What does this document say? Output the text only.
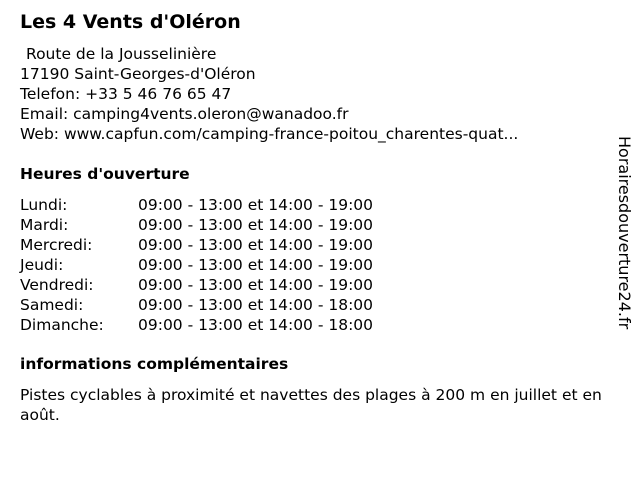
Les 4 Vents d'Oléron
Route de la Jousselinière
17190 Saint-Georges-d'Oléron
Telefon: +33 5 46 76 65 47
Email: camping4vents.oleron@wanadoo.fr
Web: www.capfun.com/camping-france-poitou_charentes-quat...
Heures d'ouverture
Lundi:	09:00 - 13:00 et 14:00 - 19:00
Mardi:	09:00 - 13:00 et 14:00 - 19:00
Mercredi:	09:00 - 13:00 et 14:00 - 19:00
Jeudi:	09:00 - 13:00 et 14:00 - 19:00
Vendredi:	09:00 - 13:00 et 14:00 - 19:00
Samedi:	09:00 - 13:00 et 14:00 - 18:00
Dimanche:	09:00 - 13:00 et 14:00 - 18:00
informations complémentaires
Pistes cyclables à proximité et navettes des plages à 200 m en juillet et en août.
Horairesdouverture24.fr
